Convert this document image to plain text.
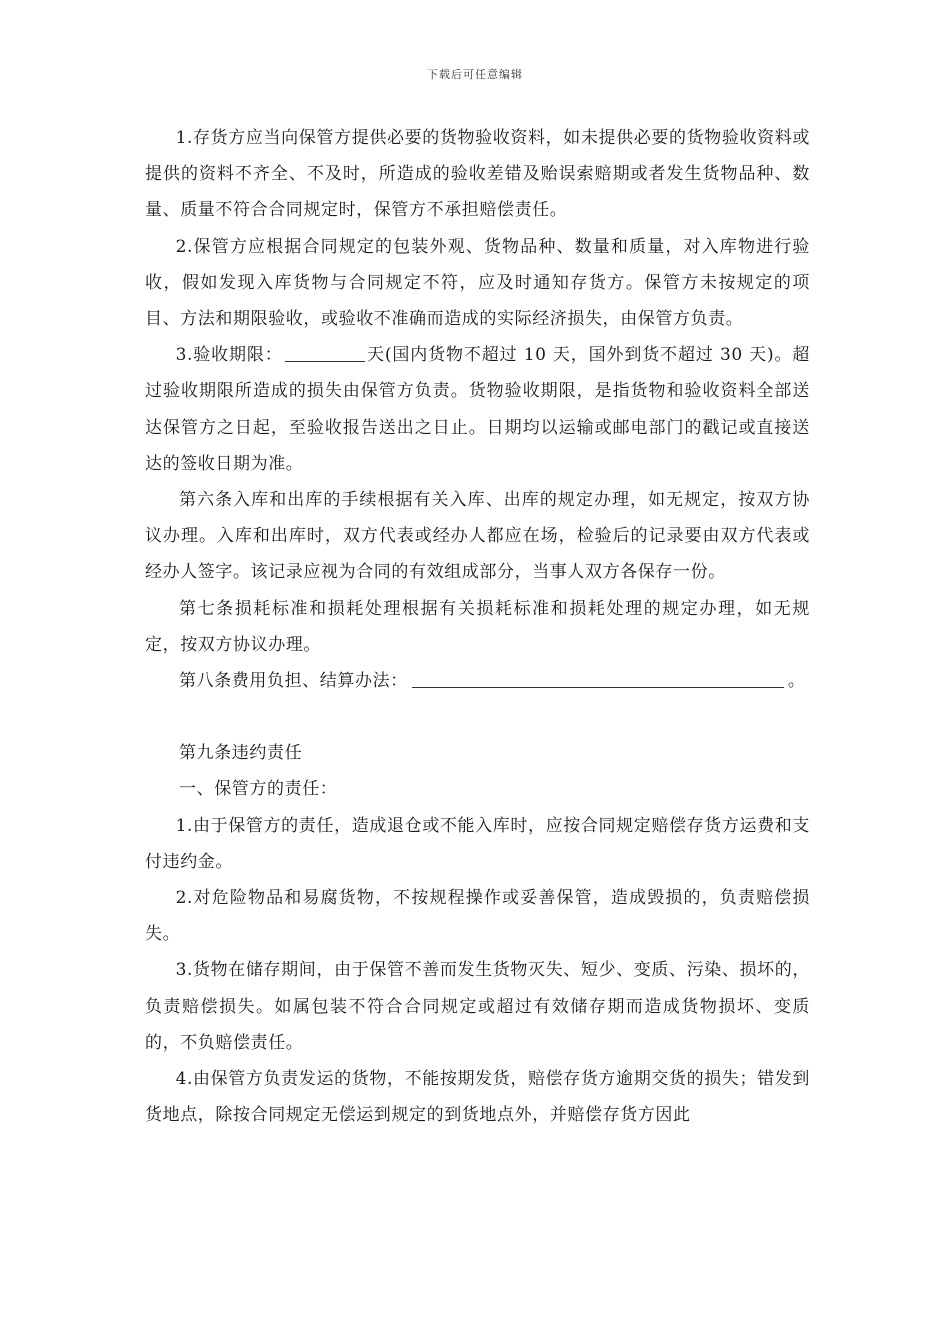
下载后可任意编辑

1.存货方应当向保管方提供必要的货物验收资料，如未提供必要的货物验收资料或提供的资料不齐全、不及时，所造成的验收差错及贻误索赔期或者发生货物品种、数量、质量不符合合同规定时，保管方不承担赔偿责任。

2.保管方应根据合同规定的包装外观、货物品种、数量和质量，对入库物进行验收，假如发现入库货物与合同规定不符，应及时通知存货方。保管方未按规定的项目、方法和期限验收，或验收不准确而造成的实际经济损失，由保管方负责。

3.验收期限：	天(国内货物不超过 10 天，国外到货不超过 30 天)。超过验收期限所造成的损失由保管方负责。货物验收期限，是指货物和验收资料全部送达保管方之日起，至验收报告送出之日止。日期均以运输或邮电部门的戳记或直接送达的签收日期为准。

第六条入库和出库的手续根据有关入库、出库的规定办理，如无规定，按双方协议办理。入库和出库时，双方代表或经办人都应在场，检验后的记录要由双方代表或经办人签字。该记录应视为合同的有效组成部分，当事人双方各保存一份。

第七条损耗标准和损耗处理根据有关损耗标准和损耗处理的规定办理，如无规定，按双方协议办理。

第八条费用负担、结算办法：	。

第九条违约责任

一、保管方的责任：

1.由于保管方的责任，造成退仓或不能入库时，应按合同规定赔偿存货方运费和支付违约金。

2.对危险物品和易腐货物，不按规程操作或妥善保管，造成毁损的，负责赔偿损失。

3.货物在储存期间，由于保管不善而发生货物灭失、短少、变质、污染、损坏的，负责赔偿损失。如属包装不符合合同规定或超过有效储存期而造成货物损坏、变质的，不负赔偿责任。

4.由保管方负责发运的货物，不能按期发货，赔偿存货方逾期交货的损失；错发到货地点，除按合同规定无偿运到规定的到货地点外，并赔偿存货方因此
